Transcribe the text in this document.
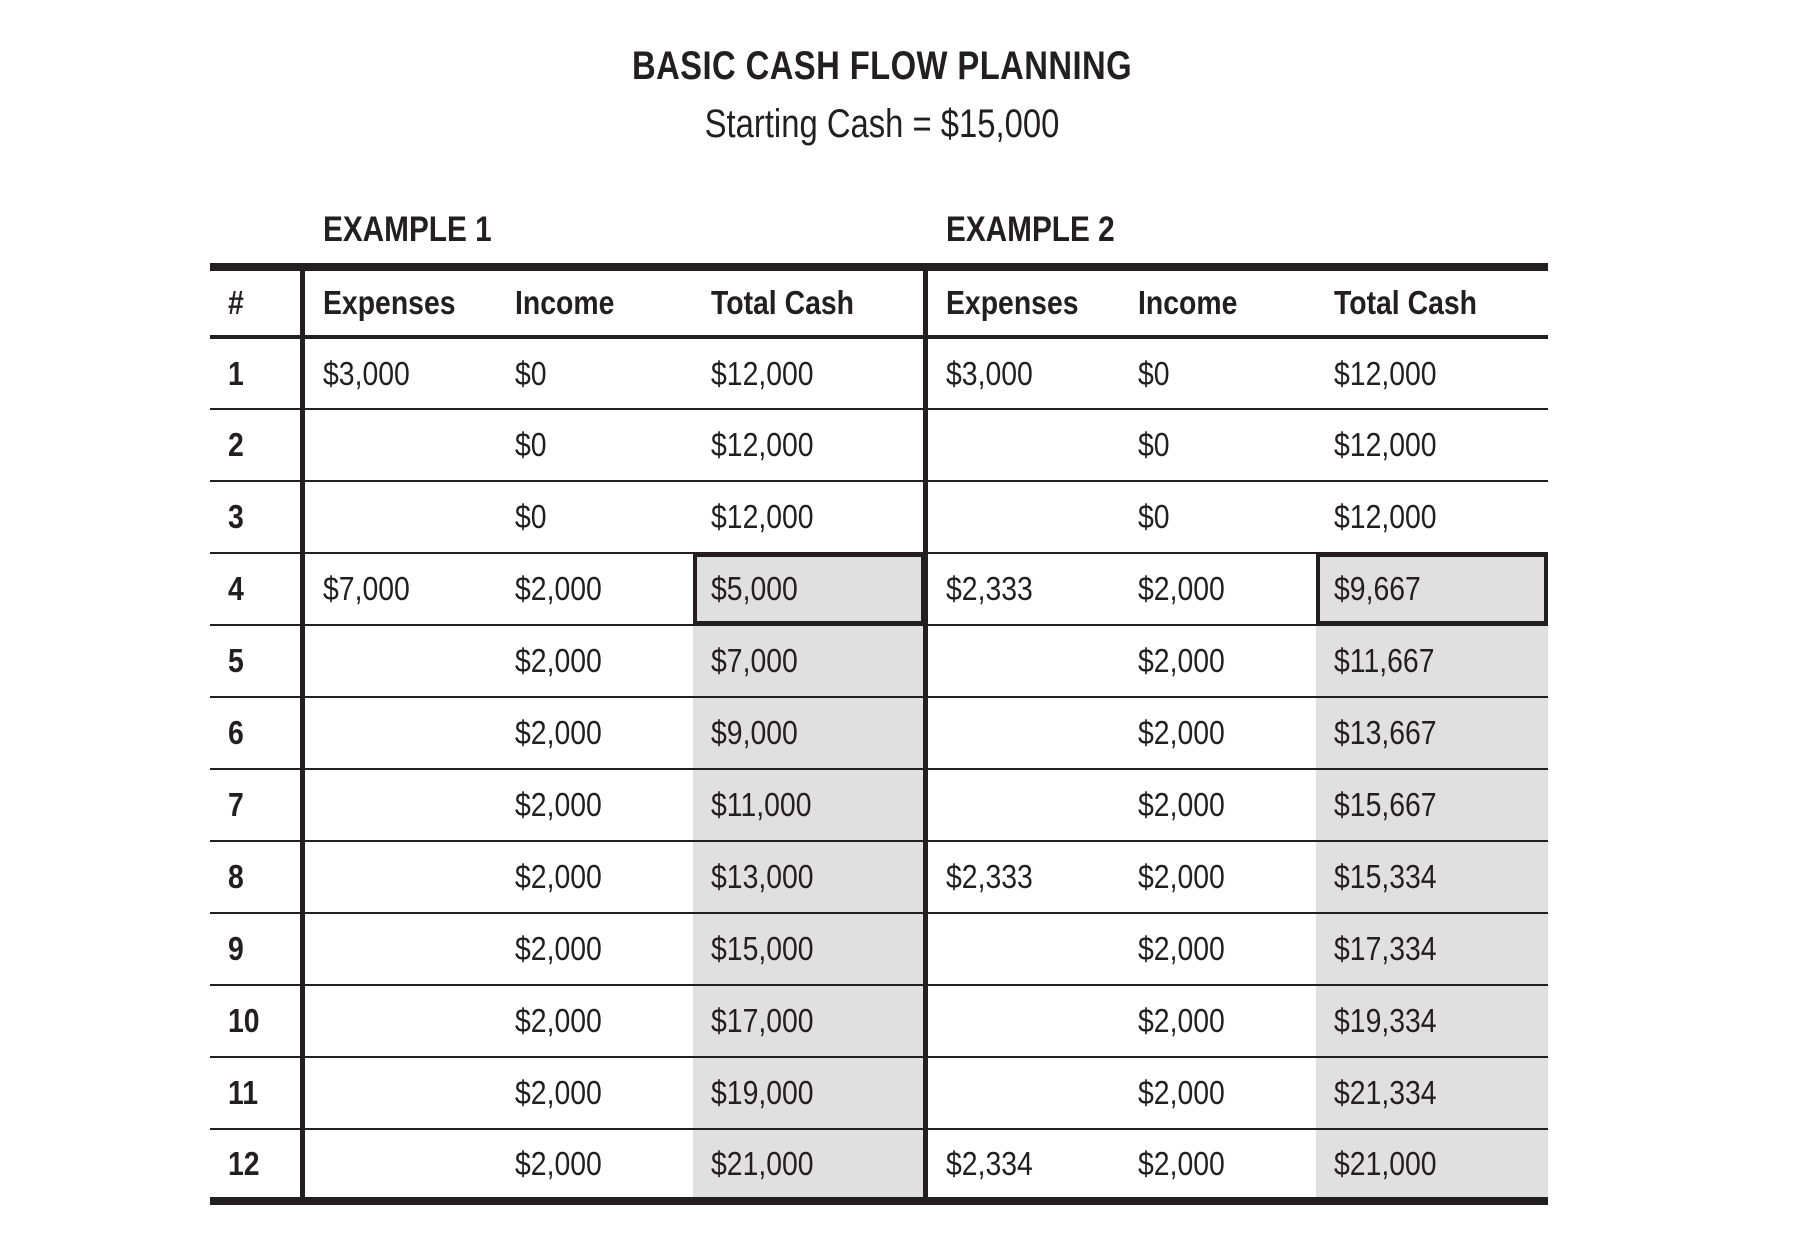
BASIC CASH FLOW PLANNING
Starting Cash = $15,000
EXAMPLE 1	EXAMPLE 2
#	Expenses	Income	Total Cash	Expenses	Income	Total Cash
1	$3,000	$0	$12,000	$3,000	$0	$12,000
2		$0	$12,000		$0	$12,000
3		$0	$12,000		$0	$12,000
4	$7,000	$2,000	$5,000	$2,333	$2,000	$9,667
5		$2,000	$7,000		$2,000	$11,667
6		$2,000	$9,000		$2,000	$13,667
7		$2,000	$11,000		$2,000	$15,667
8		$2,000	$13,000	$2,333	$2,000	$15,334
9		$2,000	$15,000		$2,000	$17,334
10		$2,000	$17,000		$2,000	$19,334
11		$2,000	$19,000		$2,000	$21,334
12		$2,000	$21,000	$2,334	$2,000	$21,000
